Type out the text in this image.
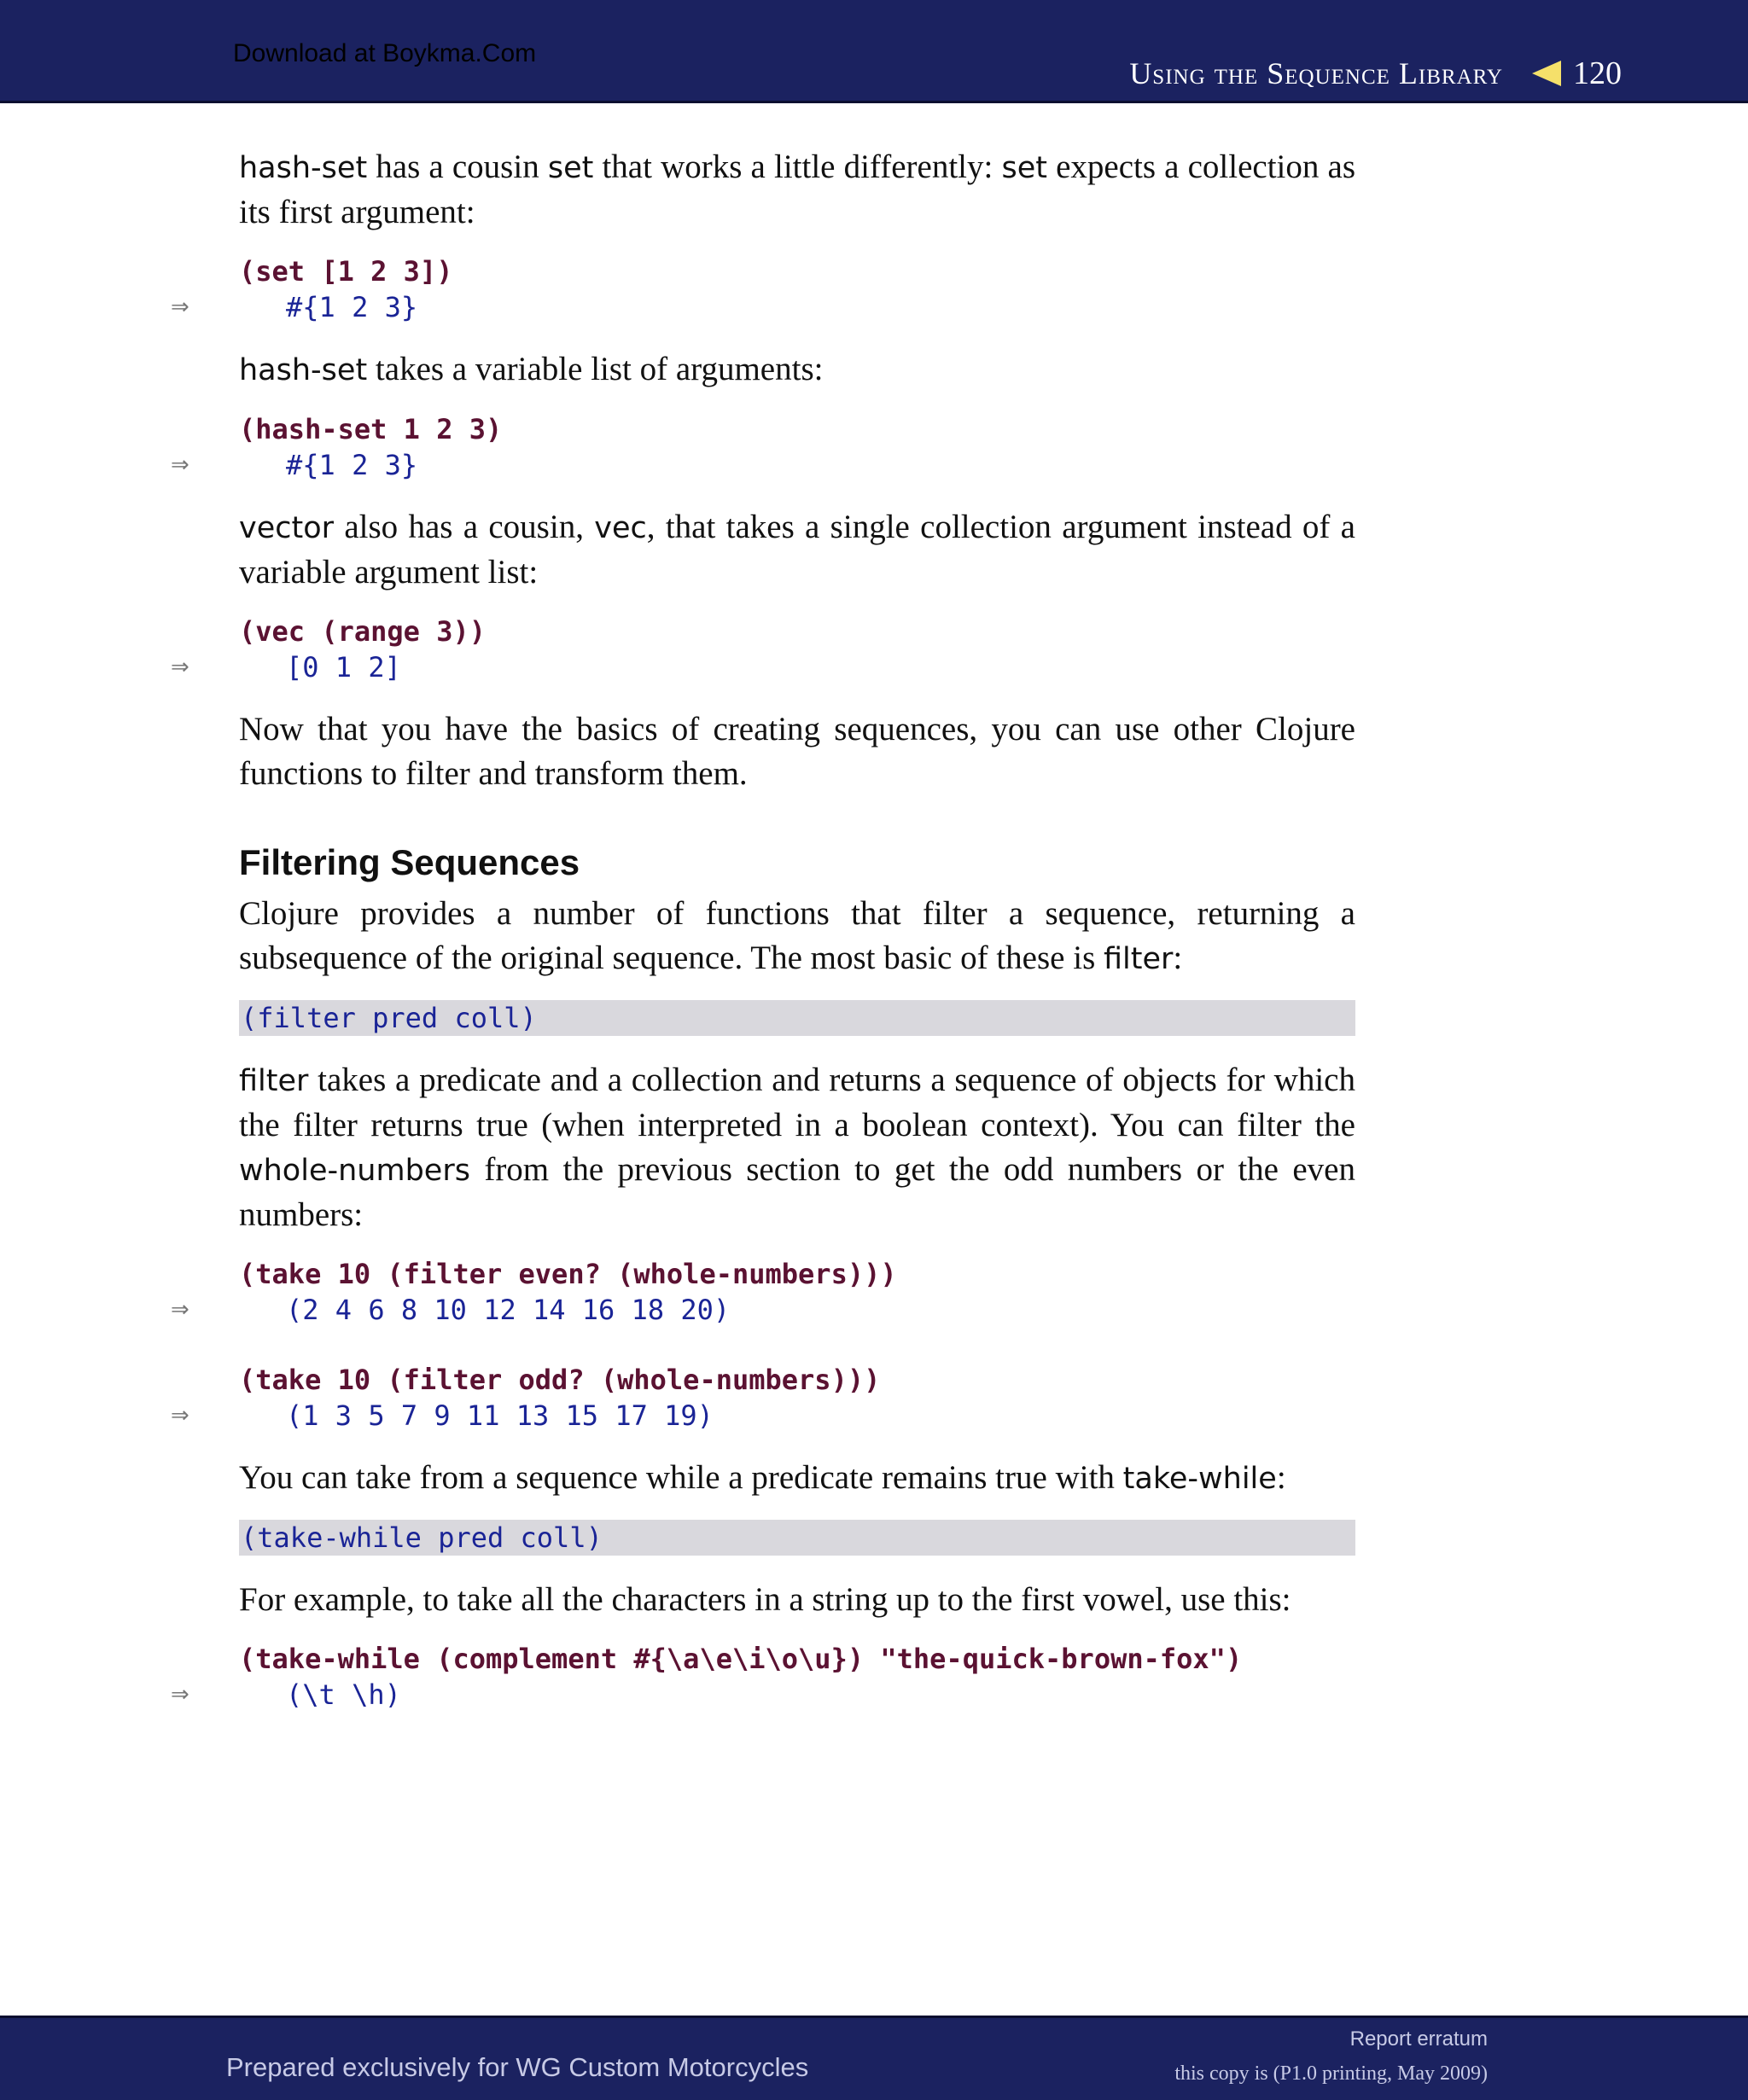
Download at Boykma.Com
Using the Sequence Library 120

hash-set has a cousin set that works a little differently: set expects a collection as its first argument:

(set [1 2 3])
⇒	#{1 2 3}

hash-set takes a variable list of arguments:

(hash-set 1 2 3)
⇒	#{1 2 3}

vector also has a cousin, vec, that takes a single collection argument instead of a variable argument list:

(vec (range 3))
⇒	[0 1 2]

Now that you have the basics of creating sequences, you can use other Clojure functions to filter and transform them.

Filtering Sequences

Clojure provides a number of functions that filter a sequence, returning a subsequence of the original sequence. The most basic of these is filter:

(filter pred coll)

filter takes a predicate and a collection and returns a sequence of objects for which the filter returns true (when interpreted in a boolean context). You can filter the whole-numbers from the previous section to get the odd numbers or the even numbers:

(take 10 (filter even? (whole-numbers)))
⇒	(2 4 6 8 10 12 14 16 18 20)
(take 10 (filter odd? (whole-numbers)))
⇒	(1 3 5 7 9 11 13 15 17 19)

You can take from a sequence while a predicate remains true with take-while:

(take-while pred coll)

For example, to take all the characters in a string up to the first vowel, use this:

(take-while (complement #{\a\e\i\o\u}) "the-quick-brown-fox")
⇒	(\t \h)
Prepared exclusively for WG Custom Motorcycles
Report erratum
this copy is (P1.0 printing, May 2009)
